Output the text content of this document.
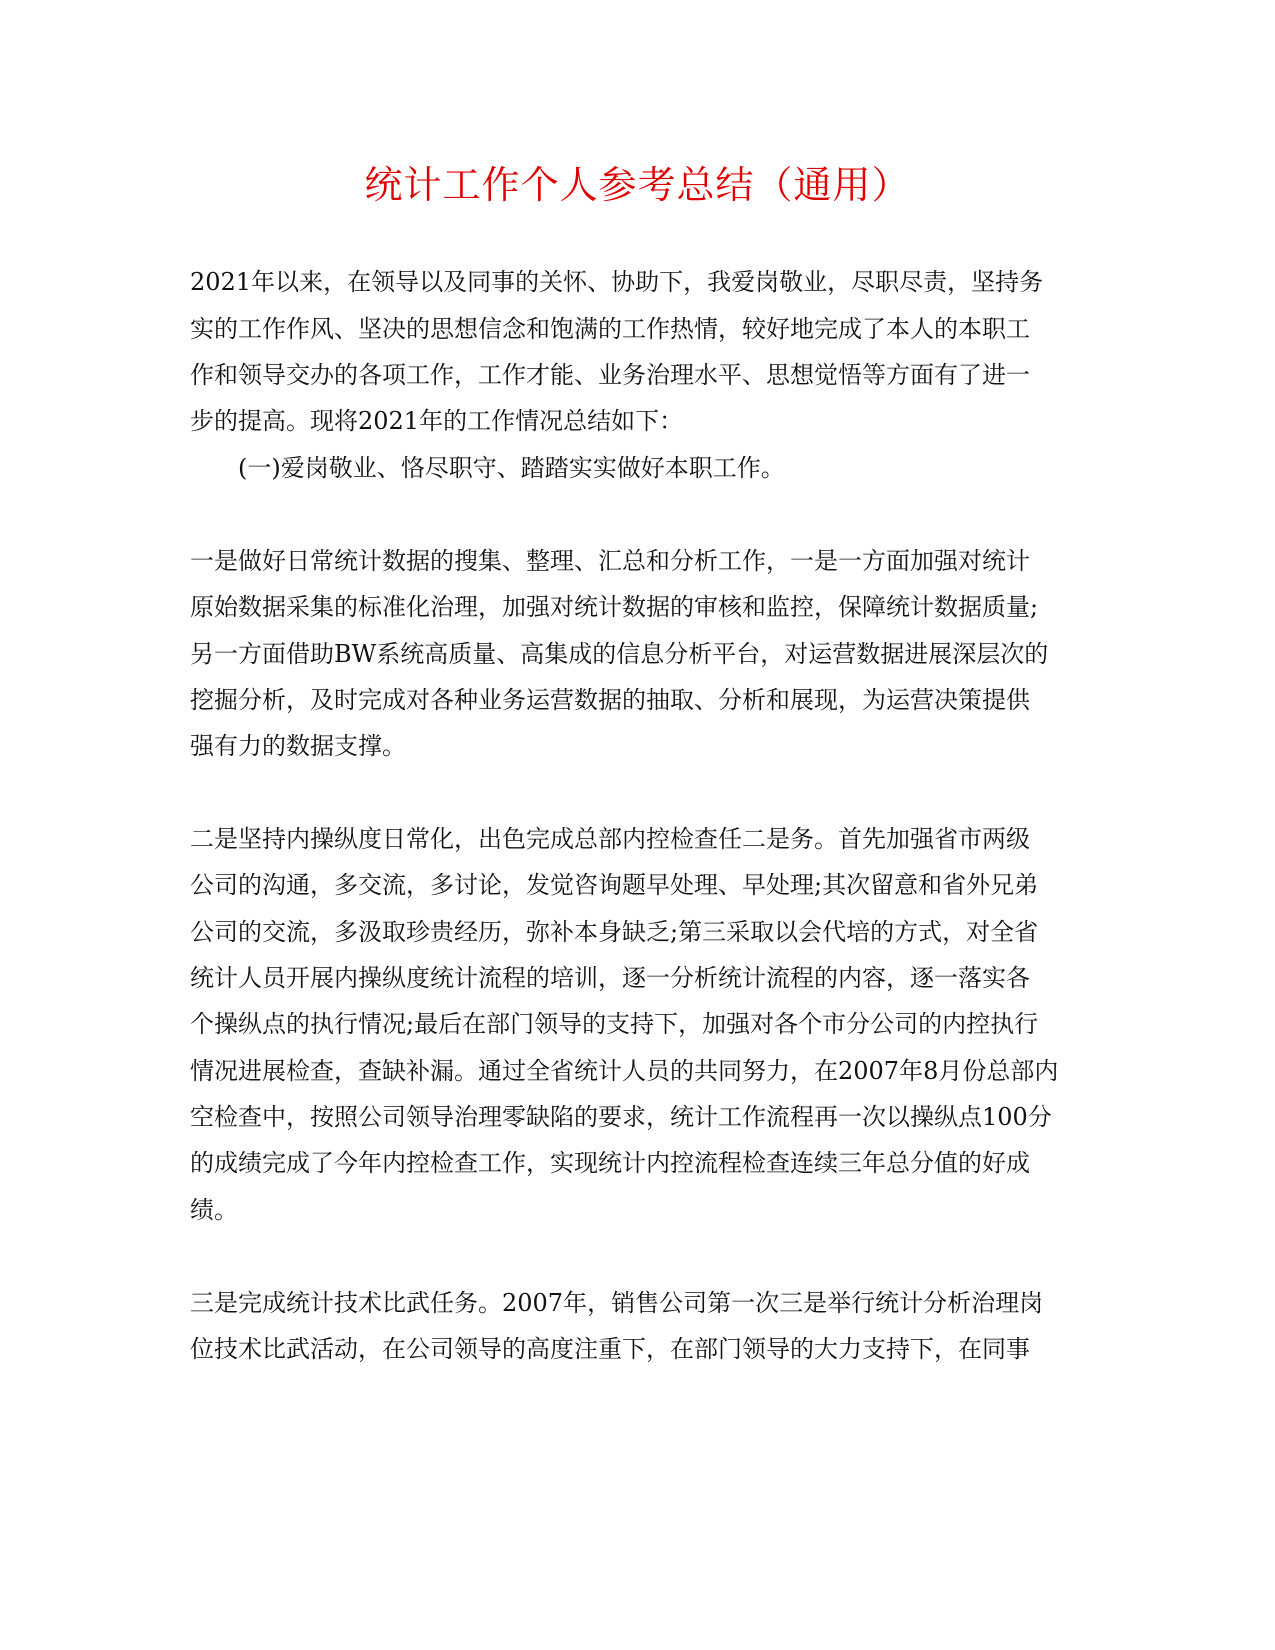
统计工作个人参考总结（通用）
2021年以来，在领导以及同事的关怀、协助下，我爱岗敬业，尽职尽责，坚持务
实的工作作风、坚决的思想信念和饱满的工作热情，较好地完成了本人的本职工
作和领导交办的各项工作，工作才能、业务治理水平、思想觉悟等方面有了进一
步的提高。现将2021年的工作情况总结如下：
(一)爱岗敬业、恪尽职守、踏踏实实做好本职工作。
一是做好日常统计数据的搜集、整理、汇总和分析工作，一是一方面加强对统计
原始数据采集的标准化治理，加强对统计数据的审核和监控，保障统计数据质量;
另一方面借助BW系统高质量、高集成的信息分析平台，对运营数据进展深层次的
挖掘分析，及时完成对各种业务运营数据的抽取、分析和展现，为运营决策提供
强有力的数据支撑。
二是坚持内操纵度日常化，出色完成总部内控检查任二是务。首先加强省市两级
公司的沟通，多交流，多讨论，发觉咨询题早处理、早处理;其次留意和省外兄弟
公司的交流，多汲取珍贵经历，弥补本身缺乏;第三采取以会代培的方式，对全省
统计人员开展内操纵度统计流程的培训，逐一分析统计流程的内容，逐一落实各
个操纵点的执行情况;最后在部门领导的支持下，加强对各个市分公司的内控执行
情况进展检查，查缺补漏。通过全省统计人员的共同努力，在2007年8月份总部内
空检查中，按照公司领导治理零缺陷的要求，统计工作流程再一次以操纵点100分
的成绩完成了今年内控检查工作，实现统计内控流程检查连续三年总分值的好成
绩。
三是完成统计技术比武任务。2007年，销售公司第一次三是举行统计分析治理岗
位技术比武活动，在公司领导的高度注重下，在部门领导的大力支持下，在同事
